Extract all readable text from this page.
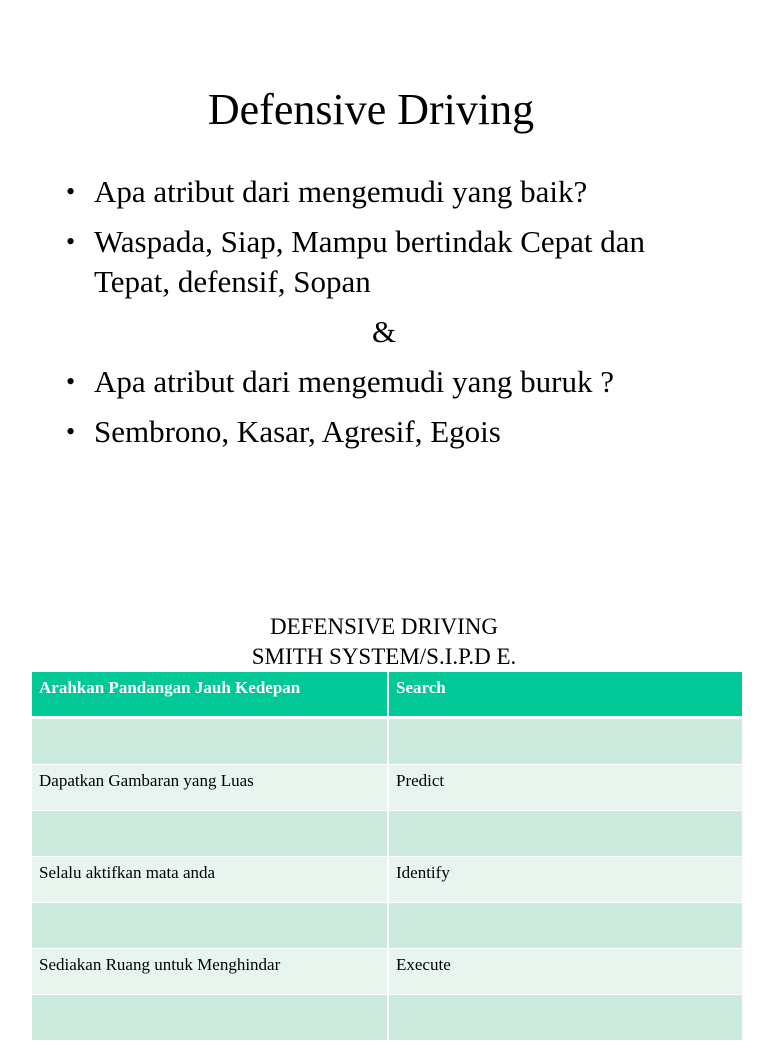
Defensive Driving
• Apa atribut dari mengemudi yang baik?
• Waspada, Siap, Mampu bertindak Cepat dan Tepat, defensif, Sopan
&
• Apa atribut dari mengemudi yang buruk ?
• Sembrono, Kasar, Agresif, Egois
DEFENSIVE DRIVING
SMITH SYSTEM/S.I.P.D E.
Arahkan Pandangan Jauh Kedepan	Search

Dapatkan Gambaran yang Luas	Predict

Selalu aktifkan mata anda	Identify

Sediakan Ruang untuk Menghindar	Execute
